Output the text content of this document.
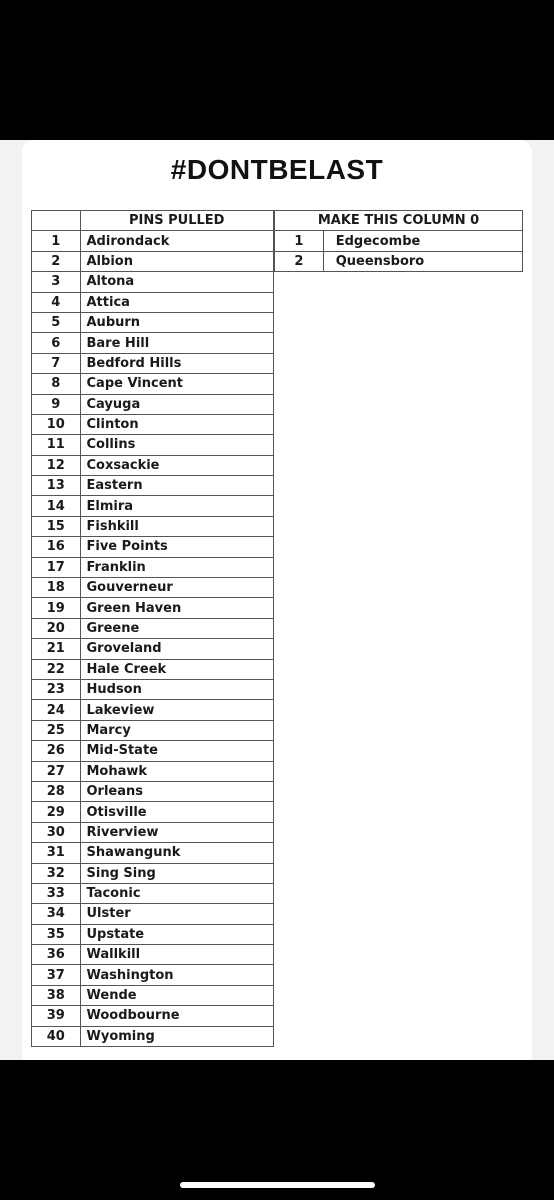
#DONTBELAST
	PINS PULLED
1	Adirondack
2	Albion
3	Altona
4	Attica
5	Auburn
6	Bare Hill
7	Bedford Hills
8	Cape Vincent
9	Cayuga
10	Clinton
11	Collins
12	Coxsackie
13	Eastern
14	Elmira
15	Fishkill
16	Five Points
17	Franklin
18	Gouverneur
19	Green Haven
20	Greene
21	Groveland
22	Hale Creek
23	Hudson
24	Lakeview
25	Marcy
26	Mid-State
27	Mohawk
28	Orleans
29	Otisville
30	Riverview
31	Shawangunk
32	Sing Sing
33	Taconic
34	Ulster
35	Upstate
36	Wallkill
37	Washington
38	Wende
39	Woodbourne
40	Wyoming
MAKE THIS COLUMN 0	
1	Edgecombe
2	Queensboro
